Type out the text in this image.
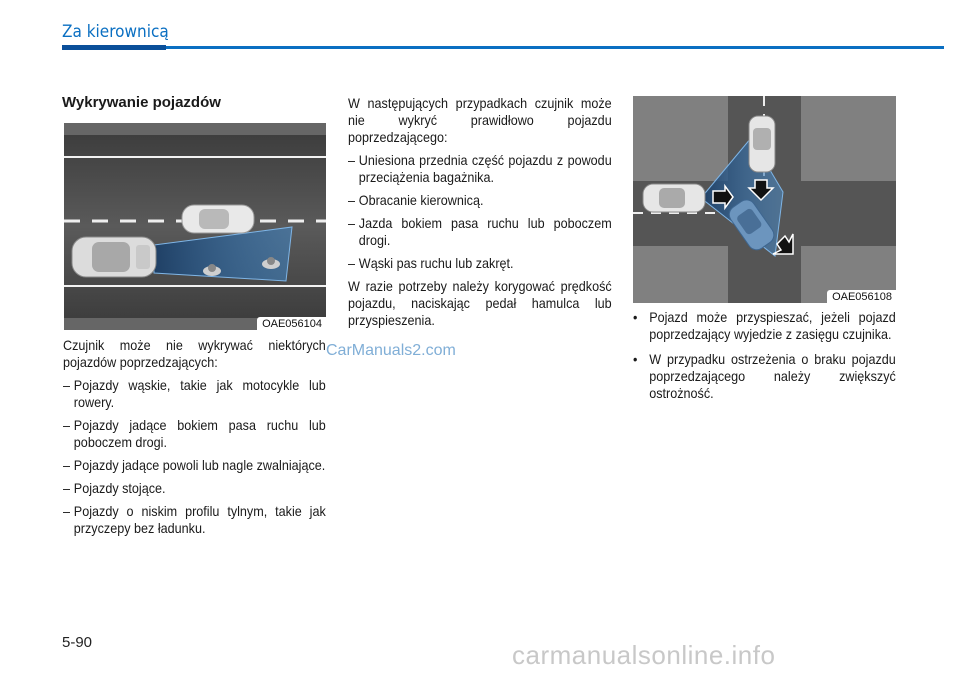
Za kierownicą
Wykrywanie pojazdów
OAE056104

Czujnik może nie wykrywać niektórych pojazdów poprzedzających:

– Pojazdy wąskie, takie jak motocykle lub rowery.
– Pojazdy jadące bokiem pasa ruchu lub poboczem drogi.
– Pojazdy jadące powoli lub nagle zwalniające.
– Pojazdy stojące.
– Pojazdy o niskim profilu tylnym, takie jak przyczepy bez ładunku.
CarManuals2.com

W następujących przypadkach czujnik może nie wykryć prawidłowo pojazdu poprzedzającego:

– Uniesiona przednia część pojazdu z powodu przeciążenia bagażnika.
– Obracanie kierownicą.
– Jazda bokiem pasa ruchu lub poboczem drogi.
– Wąski pas ruchu lub zakręt.

W razie potrzeby należy korygować prędkość pojazdu, naciskając pedał hamulca lub przyspieszenia.

OAE056108
• Pojazd może przyspieszać, jeżeli pojazd poprzedzający wyjedzie z zasięgu czujnika.
• W przypadku ostrzeżenia o braku pojazdu poprzedzającego należy zwiększyć ostrożność.
5-90	carmanualsonline.info
